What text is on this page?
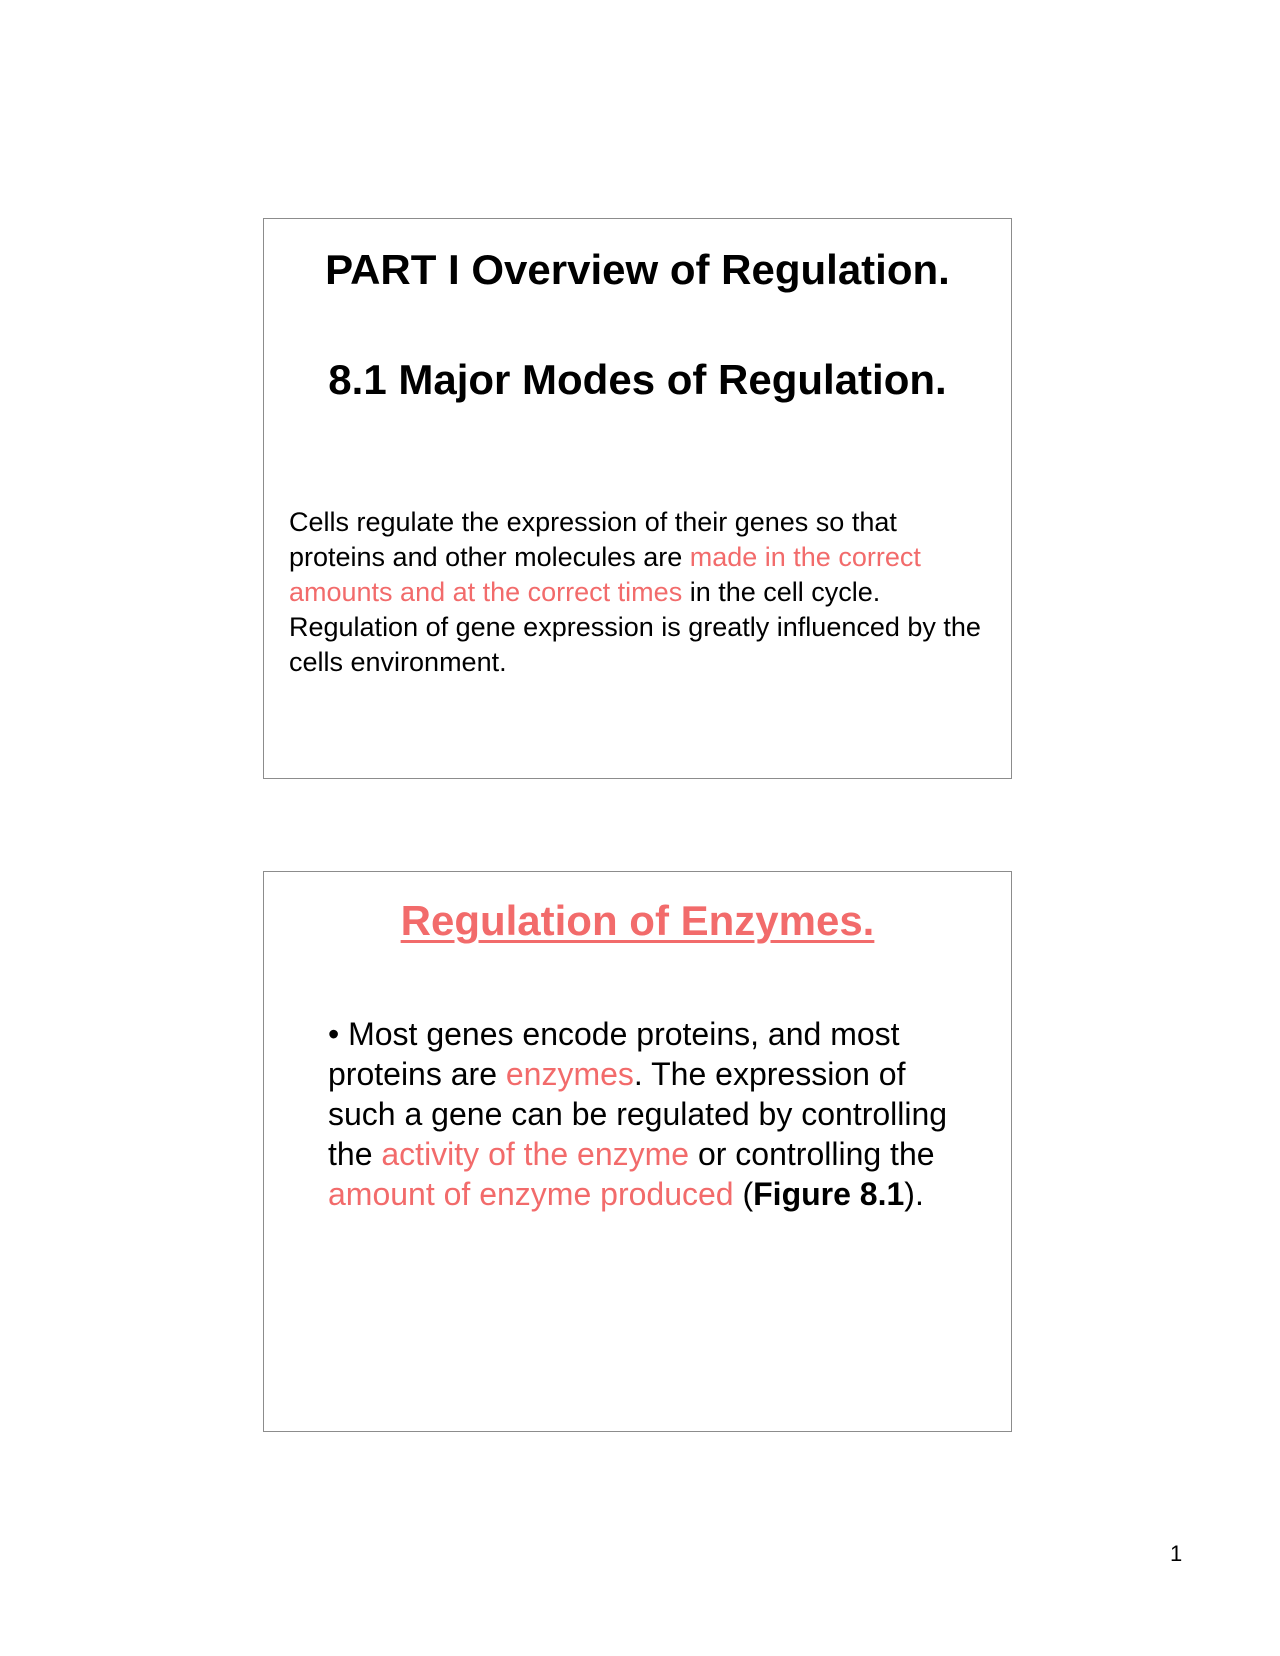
PART I Overview of Regulation.
8.1 Major Modes of Regulation.

Cells regulate the expression of their genes so that proteins and other molecules are made in the correct amounts and at the correct times in the cell cycle. Regulation of gene expression is greatly influenced by the cells environment.

Regulation of Enzymes.

• Most genes encode proteins, and most proteins are enzymes. The expression of such a gene can be regulated by controlling the activity of the enzyme or controlling the amount of enzyme produced (Figure 8.1).

1
